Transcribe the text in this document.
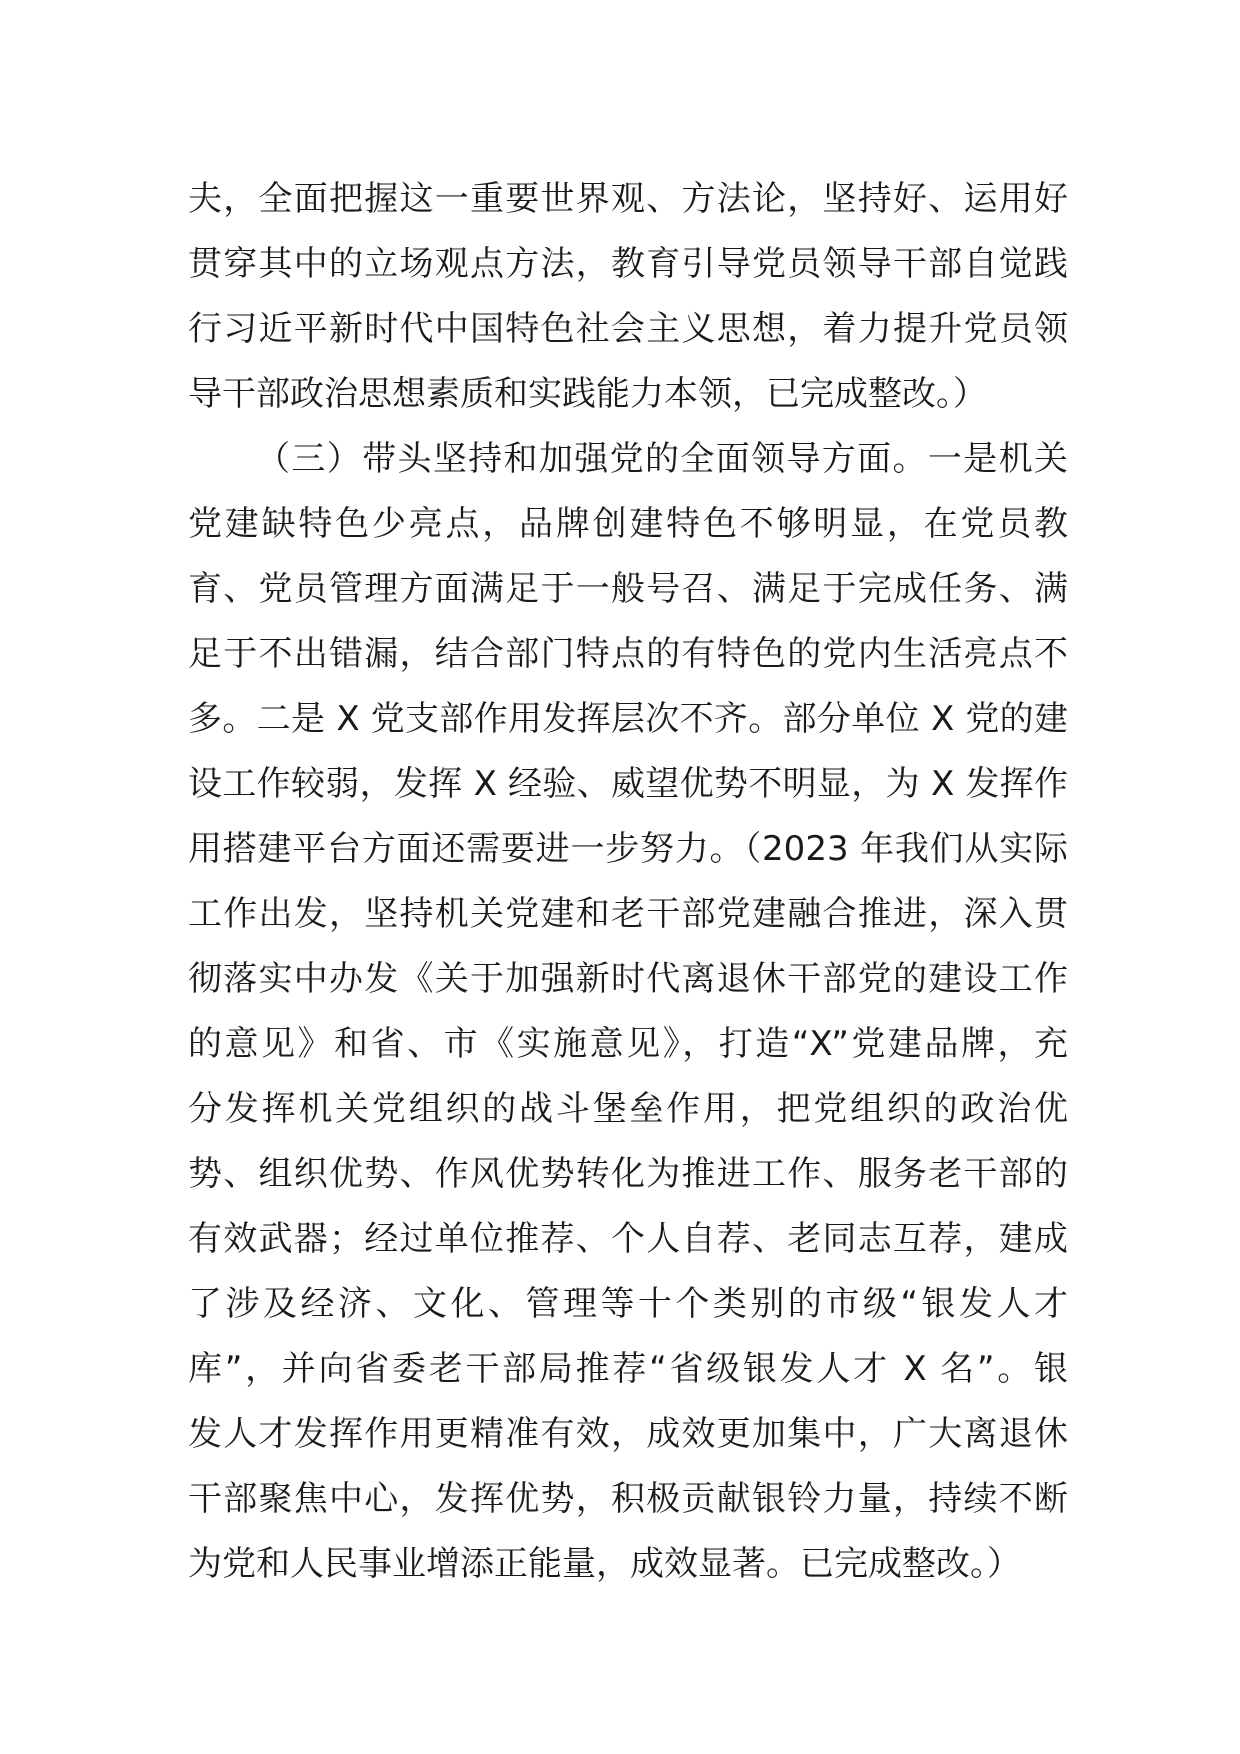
夫，全面把握这一重要世界观、方法论，坚持好、运用好
贯穿其中的立场观点方法，教育引导党员领导干部自觉践
行习近平新时代中国特色社会主义思想，着力提升党员领
导干部政治思想素质和实践能力本领，已完成整改。）
（三）带头坚持和加强党的全面领导方面。一是机关
党建缺特色少亮点，品牌创建特色不够明显，在党员教
育、党员管理方面满足于一般号召、满足于完成任务、满
足于不出错漏，结合部门特点的有特色的党内生活亮点不
多。二是 X 党支部作用发挥层次不齐。部分单位 X 党的建
设工作较弱，发挥 X 经验、威望优势不明显，为 X 发挥作
用搭建平台方面还需要进一步努力。（2023 年我们从实际
工作出发，坚持机关党建和老干部党建融合推进，深入贯
彻落实中办发《关于加强新时代离退休干部党的建设工作
的意见》和省、市《实施意见》，打造“X”党建品牌，充
分发挥机关党组织的战斗堡垒作用，把党组织的政治优
势、组织优势、作风优势转化为推进工作、服务老干部的
有效武器；经过单位推荐、个人自荐、老同志互荐，建成
了涉及经济、文化、管理等十个类别的市级“银发人才
库”，并向省委老干部局推荐“省级银发人才 X 名”。银
发人才发挥作用更精准有效，成效更加集中，广大离退休
干部聚焦中心，发挥优势，积极贡献银铃力量，持续不断
为党和人民事业增添正能量，成效显著。已完成整改。）
